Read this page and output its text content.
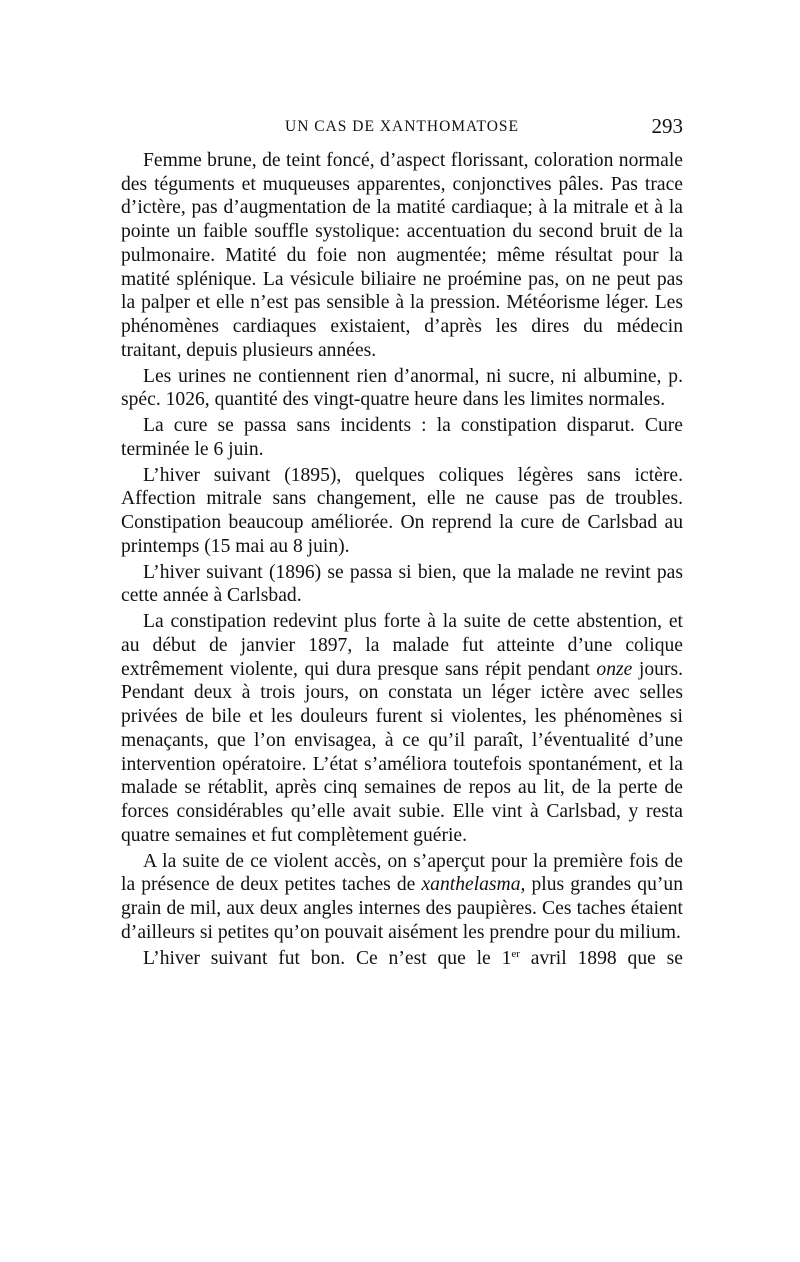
UN CAS DE XANTHOMATOSE	293

Femme brune, de teint foncé, d’aspect florissant, coloration normale des téguments et muqueuses apparentes, conjonctives pâles. Pas trace d’ictère, pas d’augmentation de la matité cardiaque; à la mitrale et à la pointe un faible souffle systolique: accentuation du second bruit de la pulmonaire. Matité du foie non augmentée; même résultat pour la matité splénique. La vésicule biliaire ne proémine pas, on ne peut pas la palper et elle n’est pas sensible à la pression. Météorisme léger. Les phénomènes cardiaques existaient, d’après les dires du médecin traitant, depuis plusieurs années.

Les urines ne contiennent rien d’anormal, ni sucre, ni albumine, p. spéc. 1026, quantité des vingt-quatre heure dans les limites normales.

La cure se passa sans incidents : la constipation disparut. Cure terminée le 6 juin.

L’hiver suivant (1895), quelques coliques légères sans ictère. Affection mitrale sans changement, elle ne cause pas de troubles. Constipation beaucoup améliorée. On reprend la cure de Carlsbad au printemps (15 mai au 8 juin).

L’hiver suivant (1896) se passa si bien, que la malade ne revint pas cette année à Carlsbad.

La constipation redevint plus forte à la suite de cette abstention, et au début de janvier 1897, la malade fut atteinte d’une colique extrêmement violente, qui dura presque sans répit pendant onze jours. Pendant deux à trois jours, on constata un léger ictère avec selles privées de bile et les douleurs furent si violentes, les phénomènes si menaçants, que l’on envisagea, à ce qu’il paraît, l’éventualité d’une intervention opératoire. L’état s’améliora toutefois spontanément, et la malade se rétablit, après cinq semaines de repos au lit, de la perte de forces considérables qu’elle avait subie. Elle vint à Carlsbad, y resta quatre semaines et fut complètement guérie.

A la suite de ce violent accès, on s’aperçut pour la première fois de la présence de deux petites taches de xanthelasma, plus grandes qu’un grain de mil, aux deux angles internes des paupières. Ces taches étaient d’ailleurs si petites qu’on pouvait aisément les prendre pour du milium.

L’hiver suivant fut bon. Ce n’est que le 1er avril 1898 que se
